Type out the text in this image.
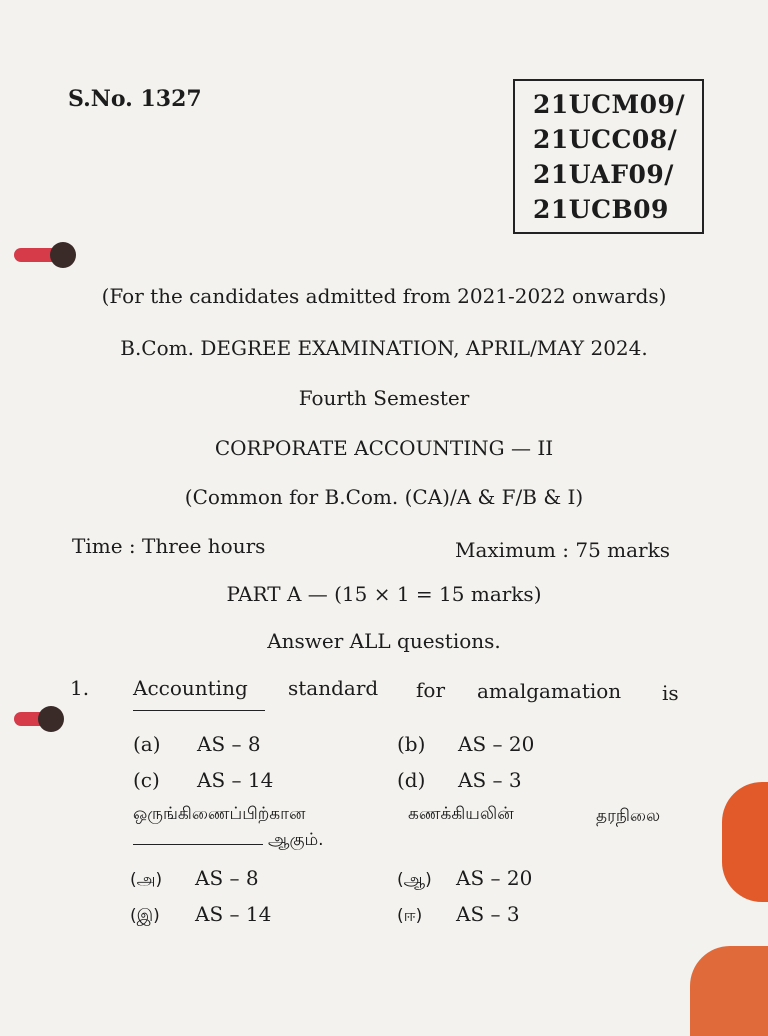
S.No. 1327	21UCM09/
21UCC08/
21UAF09/
21UCB09
(For the candidates admitted from 2021-2022 onwards)
B.Com. DEGREE EXAMINATION, APRIL/MAY 2024.
Fourth Semester
CORPORATE ACCOUNTING — II
(Common for B.Com. (CA)/A & F/B & I)
Time : Three hours	Maximum : 75 marks
PART A — (15 × 1 = 15 marks)
Answer ALL questions.
1. Accounting standard for amalgamation is
(a) AS – 8	(b) AS – 20
(c) AS – 14	(d) AS – 3
ஒருங்கிணைப்பிற்கான	கணக்கியலின்	தரநிலை
ஆகும்.
(அ) AS – 8	(ஆ) AS – 20
(இ) AS – 14	(ஈ) AS – 3
